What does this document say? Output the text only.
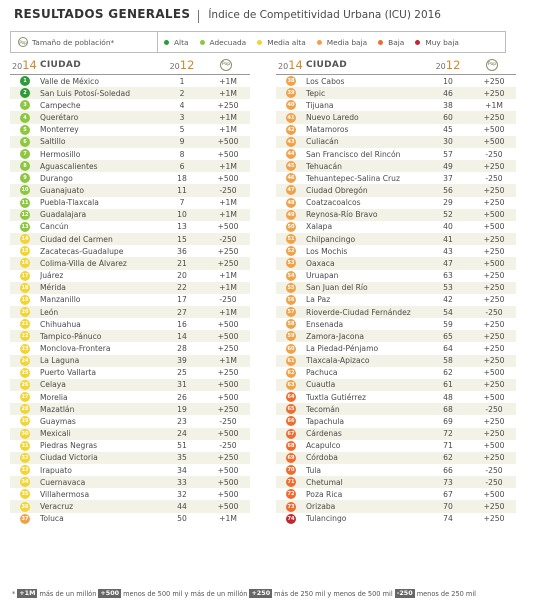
RESULTADOS GENERALES Índice de Competitividad Urbana (ICU) 2016
Pop Tamaño de población*	Alta	Adecuada	Media alta	Media baja	Baja	Muy baja
2014 CIUDAD	2012	Pop
1	Valle de México	1	+1M
2	San Luis Potosí-Soledad	2	+1M
3	Campeche	4	+250
4	Querétaro	3	+1M
5	Monterrey	5	+1M
6	Saltillo	9	+500
7	Hermosillo	8	+500
8	Aguascalientes	6	+1M
9	Durango	18	+500
10 Guanajuato	11	-250
11 Puebla-Tlaxcala	7	+1M
12 Guadalajara	10	+1M
13 Cancún	13	+500
14 Ciudad del Carmen	15	-250
15 Zacatecas-Guadalupe	36	+250
16 Colima-Villa de Álvarez	21	+250
17 Juárez	20	+1M
18 Mérida	22	+1M
19 Manzanillo	17	-250
20 León	27	+1M
21 Chihuahua	16	+500
22 Tampico-Pánuco	14	+500
23 Monclova-Frontera	28	+250
24 La Laguna	39	+1M
25 Puerto Vallarta	25	+250
26 Celaya	31	+500
27 Morelia	26	+500
28 Mazatlán	19	+250
29 Guaymas	23	-250
30 Mexicali	24	+500
31 Piedras Negras	51	-250
32 Ciudad Victoria	35	+250
33 Irapuato	34	+500
34 Cuernavaca	33	+500
35 Villahermosa	32	+500
36 Veracruz	44	+500
37 Toluca	50	+1M
2014 CIUDAD	2012	Pop
38 Los Cabos	10	+250
39 Tepic	46	+250
40 Tijuana	38	+1M
41 Nuevo Laredo	60	+250
42 Matamoros	45	+500
43 Culiacán	30	+500
44 San Francisco del Rincón	57	-250
45 Tehuacán	49	+250
46 Tehuantepec-Salina Cruz	37	-250
47 Ciudad Obregón	56	+250
48 Coatzacoalcos	29	+250
49 Reynosa-Río Bravo	52	+500
50 Xalapa	40	+500
51 Chilpancingo	41	+250
52 Los Mochis	43	+250
53 Oaxaca	47	+500
54 Uruapan	63	+250
55 San Juan del Río	53	+250
56 La Paz	42	+250
57 Rioverde-Ciudad Fernández	54	-250
58 Ensenada	59	+250
59 Zamora-Jacona	65	+250
60 La Piedad-Pénjamo	64	+250
61 Tlaxcala-Apizaco	58	+250
62 Pachuca	62	+500
63 Cuautla	61	+250
64 Tuxtla Gutiérrez	48	+500
65 Tecomán	68	-250
66 Tapachula	69	+250
67 Cárdenas	72	+250
68 Acapulco	71	+500
69 Córdoba	62	+250
70 Tula	66	-250
71 Chetumal	73	-250
72 Poza Rica	67	+500
73 Orizaba	70	+250
74 Tulancingo	74	+250
* +1M más de un millón +500 menos de 500 mil y más de un millón +250 más de 250 mil y menos de 500 mil -250 menos de 250 mil
